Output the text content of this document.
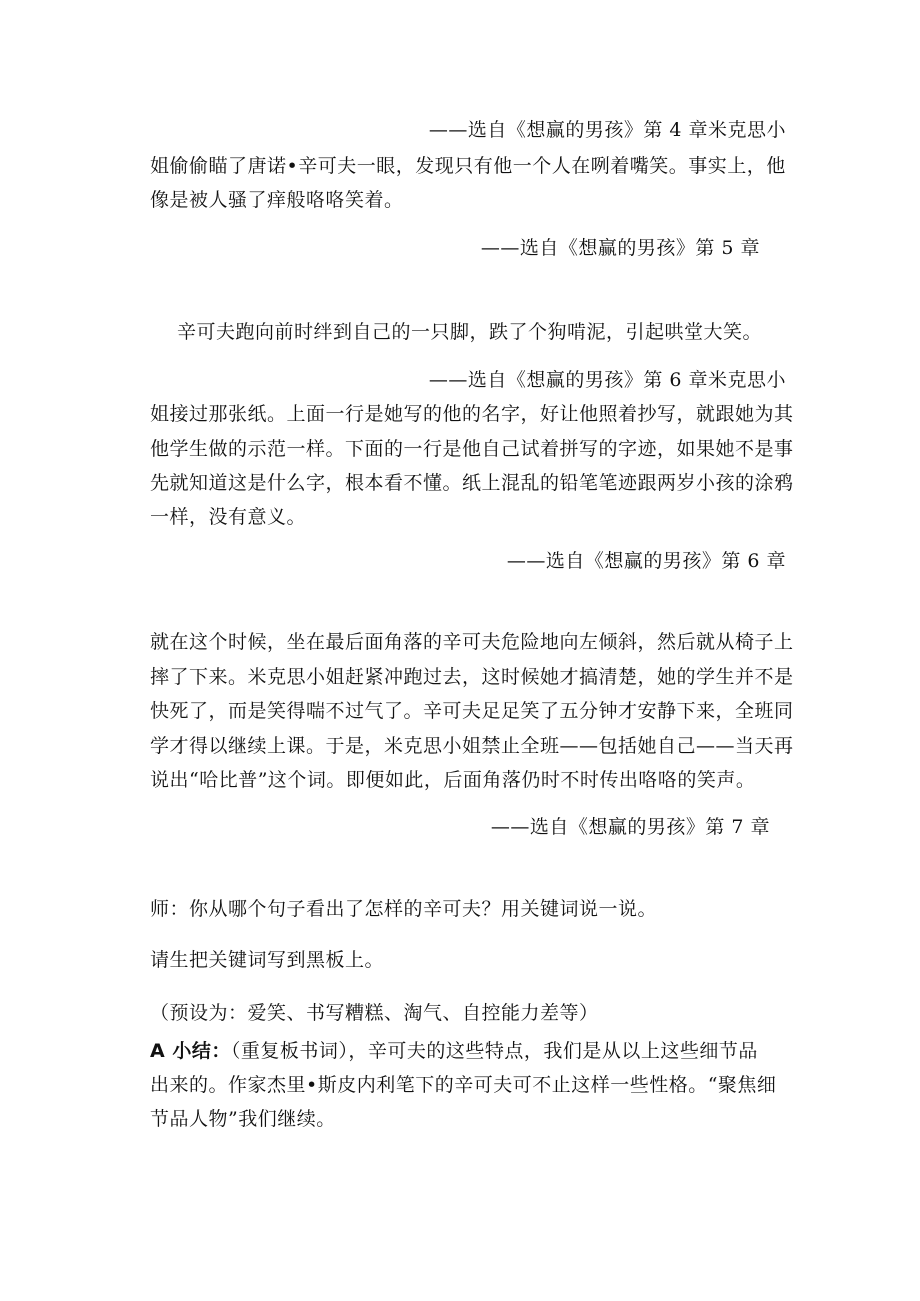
——选自《想赢的男孩》第 4 章米克思小
姐偷偷瞄了唐诺•辛可夫一眼，发现只有他一个人在咧着嘴笑。事实上，他
像是被人骚了痒般咯咯笑着。
——选自《想赢的男孩》第 5 章
辛可夫跑向前时绊到自己的一只脚，跌了个狗啃泥，引起哄堂大笑。
——选自《想赢的男孩》第 6 章米克思小
姐接过那张纸。上面一行是她写的他的名字，好让他照着抄写，就跟她为其
他学生做的示范一样。下面的一行是他自己试着拼写的字迹，如果她不是事
先就知道这是什么字，根本看不懂。纸上混乱的铅笔笔迹跟两岁小孩的涂鸦
一样，没有意义。
——选自《想赢的男孩》第 6 章
就在这个时候，坐在最后面角落的辛可夫危险地向左倾斜，然后就从椅子上
摔了下来。米克思小姐赶紧冲跑过去，这时候她才搞清楚，她的学生并不是
快死了，而是笑得喘不过气了。辛可夫足足笑了五分钟才安静下来，全班同
学才得以继续上课。于是，米克思小姐禁止全班——包括她自己——当天再
说出“哈比普”这个词。即便如此，后面角落仍时不时传出咯咯的笑声。
——选自《想赢的男孩》第 7 章
师：你从哪个句子看出了怎样的辛可夫？用关键词说一说。
请生把关键词写到黑板上。
（预设为：爱笑、书写糟糕、淘气、自控能力差等）
A 小结：（重复板书词），辛可夫的这些特点，我们是从以上这些细节品
出来的。作家杰里•斯皮内利笔下的辛可夫可不止这样一些性格。“聚焦细
节品人物”我们继续。
